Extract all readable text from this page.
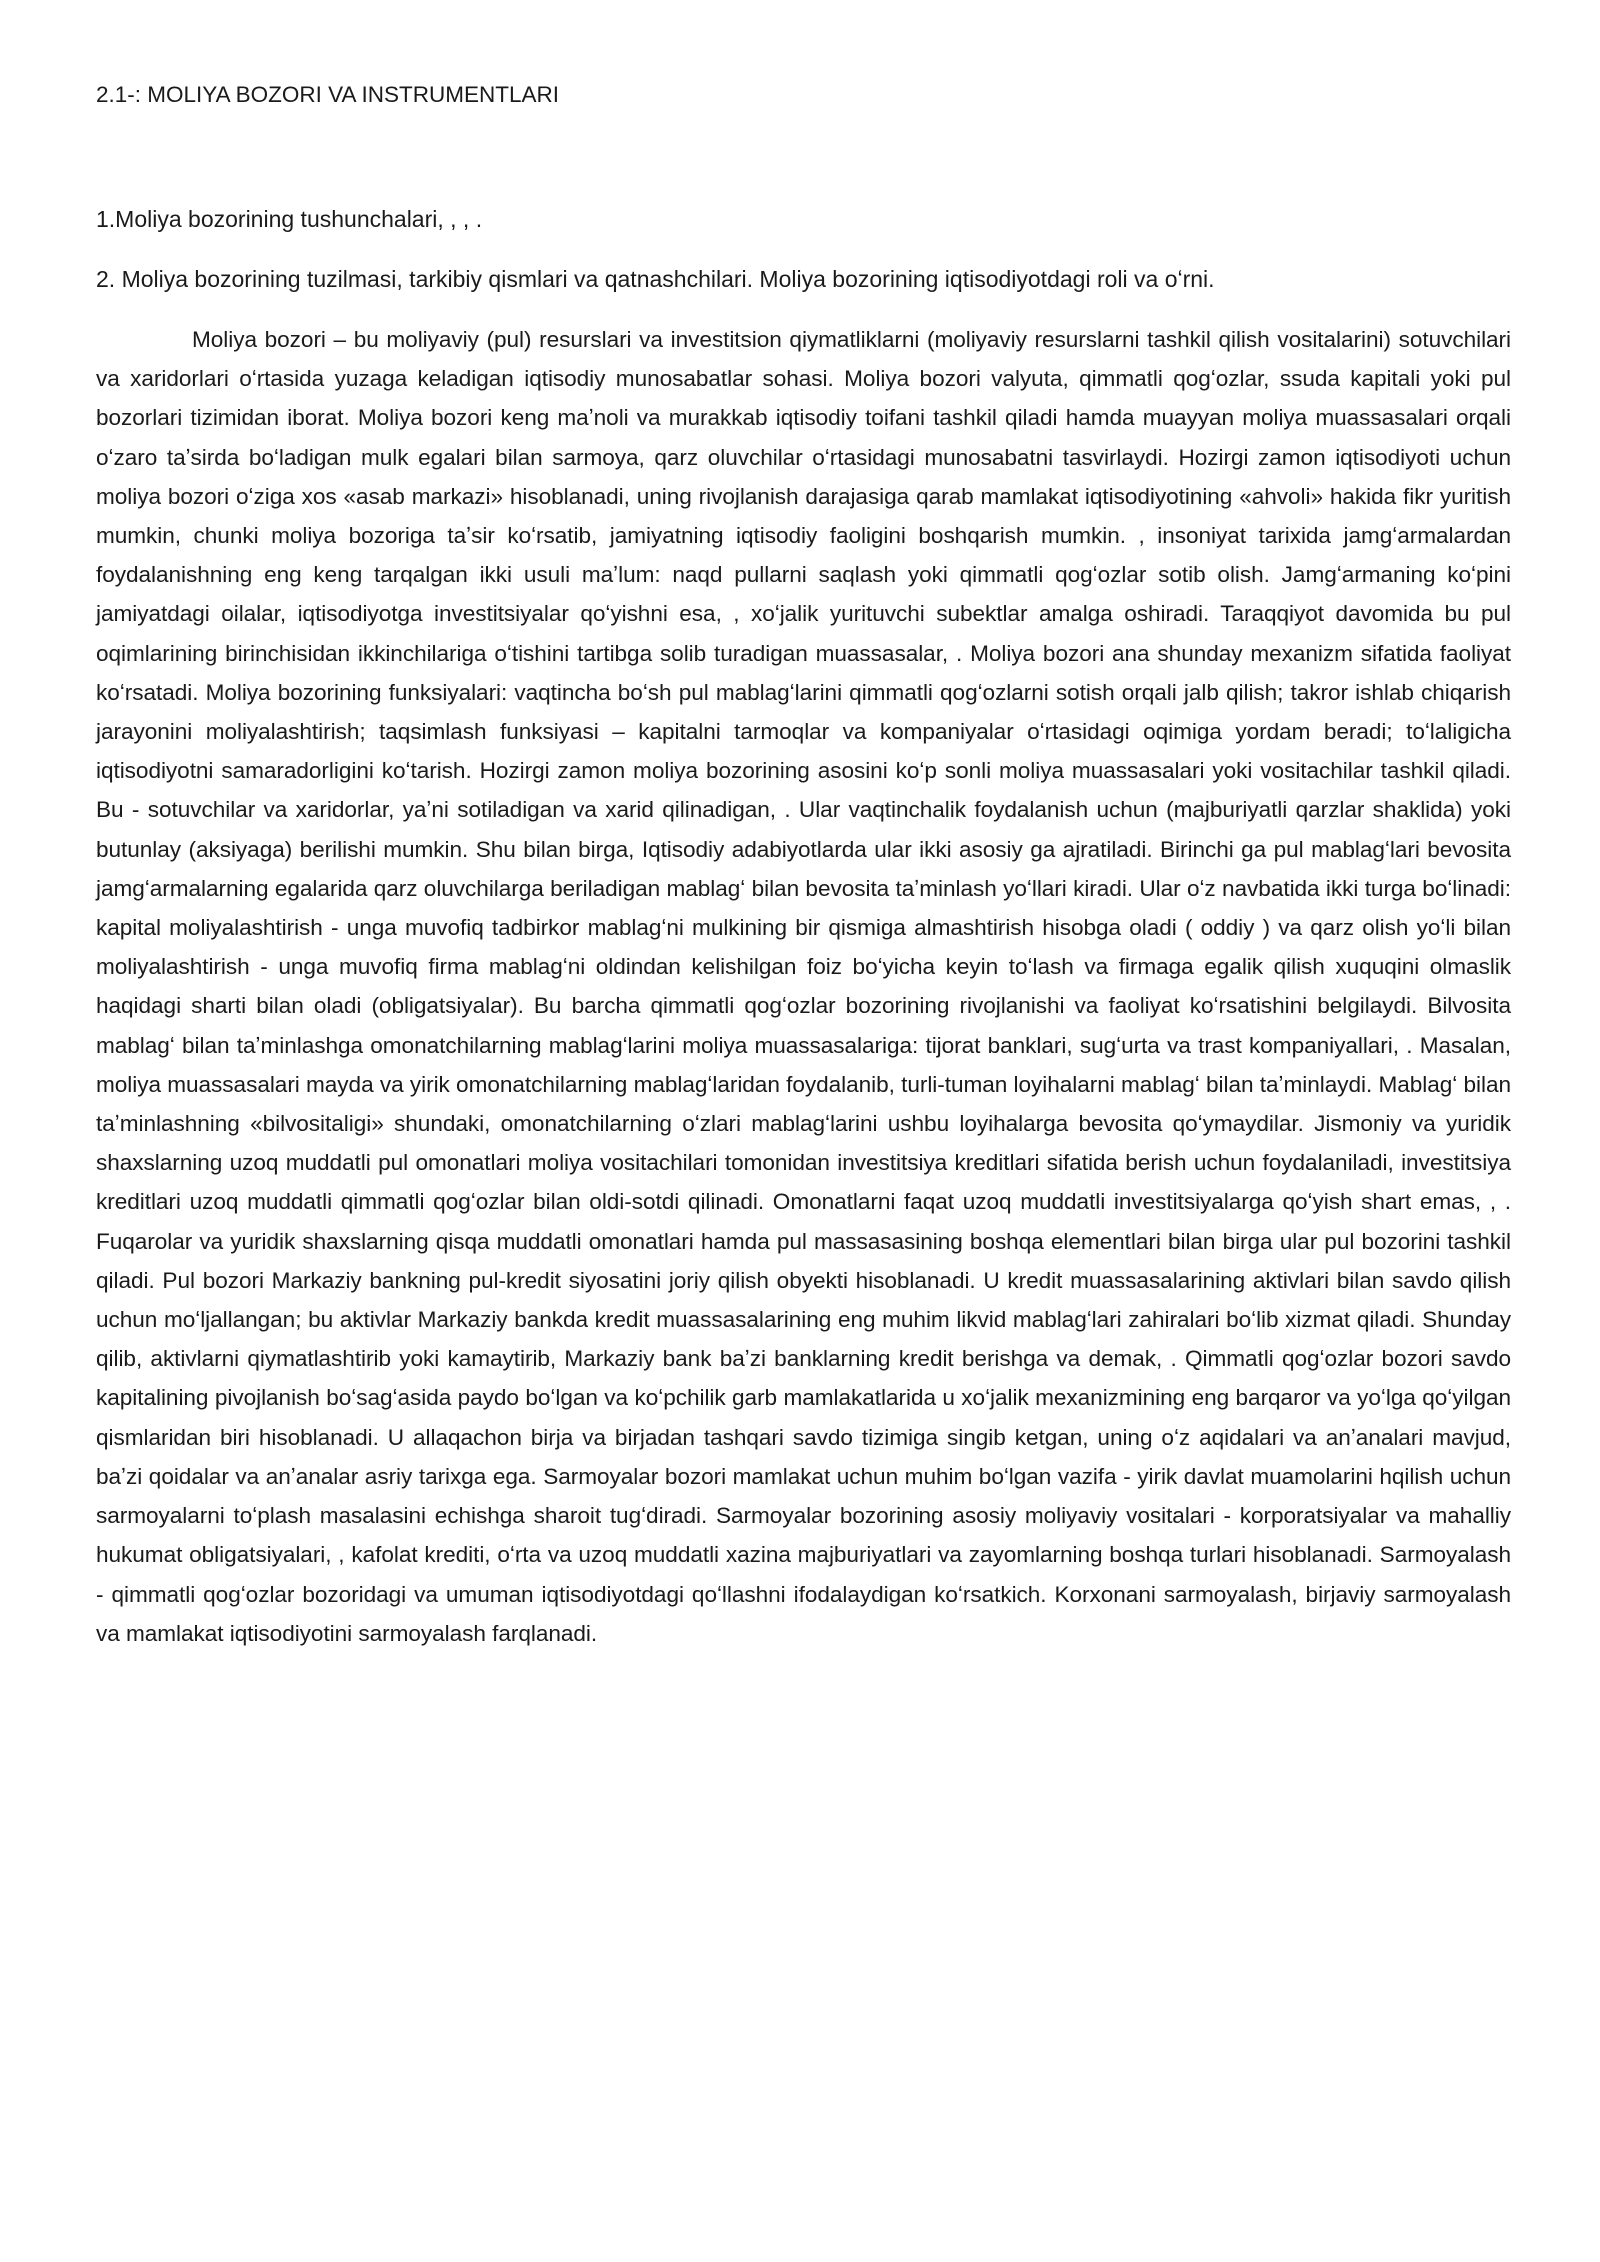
2.1-: MOLIYA BOZORI VA INSTRUMENTLARI

1.Moliya bozorining tushunchalari, , , .

2. Moliya bozorining tuzilmasi, tarkibiy qismlari va qatnashchilari. Moliya bozorining iqtisodiyotdagi roli va oʻrni.

Moliya bozori – bu moliyaviy (pul) resurslari va investitsion qiymatliklarni (moliyaviy resurslarni tashkil qilish vositalarini) sotuvchilari va xaridorlari oʻrtasida yuzaga keladigan iqtisodiy munosabatlar sohasi. Moliya bozori valyuta, qimmatli qogʻozlar, ssuda kapitali yoki pul bozorlari tizimidan iborat. Moliya bozori keng maʼnoli va murakkab iqtisodiy toifani tashkil qiladi hamda muayyan moliya muassasalari orqali oʻzaro taʼsirda boʻladigan mulk egalari bilan sarmoya, qarz oluvchilar oʻrtasidagi munosabatni tasvirlaydi. Hozirgi zamon iqtisodiyoti uchun moliya bozori oʻziga xos «asab markazi» hisoblanadi, uning rivojlanish darajasiga qarab mamlakat iqtisodiyotining «ahvoli» hakida fikr yuritish mumkin, chunki moliya bozoriga taʼsir koʻrsatib, jamiyatning iqtisodiy faoligini boshqarish mumkin. , insoniyat tarixida jamgʻarmalardan foydalanishning eng keng tarqalgan ikki usuli maʼlum: naqd pullarni saqlash yoki qimmatli qogʻozlar sotib olish. Jamgʻarmaning koʻpini jamiyatdagi oilalar, iqtisodiyotga investitsiyalar qoʻyishni esa, , xoʻjalik yurituvchi subektlar amalga oshiradi. Taraqqiyot davomida bu pul oqimlarining birinchisidan ikkinchilariga oʻtishini tartibga solib turadigan muassasalar, . Moliya bozori ana shunday mexanizm sifatida faoliyat koʻrsatadi. Moliya bozorining funksiyalari: vaqtincha boʻsh pul mablagʻlarini qimmatli qogʻozlarni sotish orqali jalb qilish; takror ishlab chiqarish jarayonini moliyalashtirish; taqsimlash funksiyasi – kapitalni tarmoqlar va kompaniyalar oʻrtasidagi oqimiga yordam beradi; toʻlaligicha iqtisodiyotni samaradorligini koʻtarish. Hozirgi zamon moliya bozorining asosini koʻp sonli moliya muassasalari yoki vositachilar tashkil qiladi. Bu - sotuvchilar va xaridorlar, yaʼni sotiladigan va xarid qilinadigan, . Ular vaqtinchalik foydalanish uchun (majburiyatli qarzlar shaklida) yoki butunlay (aksiyaga) berilishi mumkin. Shu bilan birga, Iqtisodiy adabiyotlarda ular ikki asosiy ga ajratiladi. Birinchi ga pul mablagʻlari bevosita jamgʻarmalarning egalarida qarz oluvchilarga beriladigan mablagʻ bilan bevosita taʼminlash yoʻllari kiradi. Ular oʻz navbatida ikki turga boʻlinadi: kapital moliyalashtirish - unga muvofiq tadbirkor mablagʻni mulkining bir qismiga almashtirish hisobga oladi ( oddiy ) va qarz olish yoʻli bilan moliyalashtirish - unga muvofiq firma mablagʻni oldindan kelishilgan foiz boʻyicha keyin toʻlash va firmaga egalik qilish xuquqini olmaslik haqidagi sharti bilan oladi (obligatsiyalar). Bu barcha qimmatli qogʻozlar bozorining rivojlanishi va faoliyat koʻrsatishini belgilaydi. Bilvosita mablagʻ bilan taʼminlashga omonatchilarning mablagʻlarini moliya muassasalariga: tijorat banklari, sugʻurta va trast kompaniyallari, . Masalan, moliya muassasalari mayda va yirik omonatchilarning mablagʻlaridan foydalanib, turli-tuman loyihalarni mablagʻ bilan taʼminlaydi. Mablagʻ bilan taʼminlashning «bilvositaligi» shundaki, omonatchilarning oʻzlari mablagʻlarini ushbu loyihalarga bevosita qoʻymaydilar. Jismoniy va yuridik shaxslarning uzoq muddatli pul omonatlari moliya vositachilari tomonidan investitsiya kreditlari sifatida berish uchun foydalaniladi, investitsiya kreditlari uzoq muddatli qimmatli qogʻozlar bilan oldi-sotdi qilinadi. Omonatlarni faqat uzoq muddatli investitsiyalarga qoʻyish shart emas, , . Fuqarolar va yuridik shaxslarning qisqa muddatli omonatlari hamda pul massasasining boshqa elementlari bilan birga ular pul bozorini tashkil qiladi. Pul bozori Markaziy bankning pul-kredit siyosatini joriy qilish obyekti hisoblanadi. U kredit muassasalarining aktivlari bilan savdo qilish uchun moʻljallangan; bu aktivlar Markaziy bankda kredit muassasalarining eng muhim likvid mablagʻlari zahiralari boʻlib xizmat qiladi. Shunday qilib, aktivlarni qiymatlashtirib yoki kamaytirib, Markaziy bank baʼzi banklarning kredit berishga va demak, . Qimmatli qogʻozlar bozori savdo kapitalining pivojlanish boʻsagʻasida paydo boʻlgan va koʻpchilik garb mamlakatlarida u xoʻjalik mexanizmining eng barqaror va yoʻlga qoʻyilgan qismlaridan biri hisoblanadi. U allaqachon birja va birjadan tashqari savdo tizimiga singib ketgan, uning oʻz aqidalari va anʼanalari mavjud, baʼzi qoidalar va anʼanalar asriy tarixga ega. Sarmoyalar bozori mamlakat uchun muhim boʻlgan vazifa - yirik davlat muamolarini hqilish uchun sarmoyalarni toʻplash masalasini echishga sharoit tugʻdiradi. Sarmoyalar bozorining asosiy moliyaviy vositalari - korporatsiyalar va mahalliy hukumat obligatsiyalari, , kafolat krediti, oʻrta va uzoq muddatli xazina majburiyatlari va zayomlarning boshqa turlari hisoblanadi. Sarmoyalash - qimmatli qogʻozlar bozoridagi va umuman iqtisodiyotdagi qoʻllashni ifodalaydigan koʻrsatkich. Korxonani sarmoyalash, birjaviy sarmoyalash va mamlakat iqtisodiyotini sarmoyalash farqlanadi.
